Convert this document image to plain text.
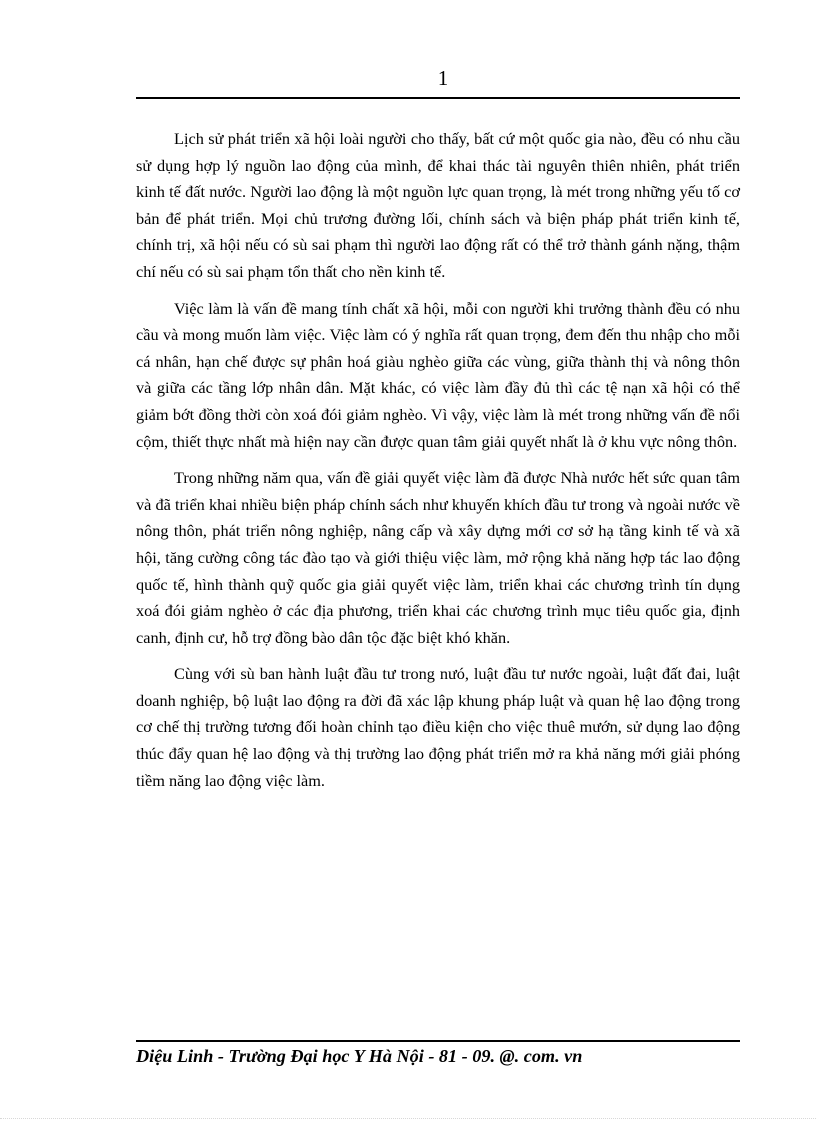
1

Lịch sử phát triển xã hội loài người cho thấy, bất cứ một quốc gia nào, đều có nhu cầu sử dụng hợp lý nguồn lao động của mình, để khai thác tài nguyên thiên nhiên, phát triển kinh tế đất nước. Người lao động là một nguồn lực quan trọng, là mét trong những yếu tố cơ bản để phát triển. Mọi chủ trương đường lối, chính sách và biện pháp phát triển kinh tế, chính trị, xã hội nếu có sù sai phạm thì người lao động rất có thể trở thành gánh nặng, thậm chí nếu có sù sai phạm tổn thất cho nền kinh tế.

Việc làm là vấn đề mang tính chất xã hội, mỗi con người khi trưởng thành đều có nhu cầu và mong muốn làm việc. Việc làm có ý nghĩa rất quan trọng, đem đến thu nhập cho mỗi cá nhân, hạn chế được sự phân hoá giàu nghèo giữa các vùng, giữa thành thị và nông thôn và giữa các tầng lớp nhân dân. Mặt khác, có việc làm đầy đủ thì các tệ nạn xã hội có thể giảm bớt đồng thời còn xoá đói giảm nghèo. Vì vậy, việc làm là mét trong những vấn đề nổi cộm, thiết thực nhất mà hiện nay cần được quan tâm giải quyết nhất là ở khu vực nông thôn.

Trong những năm qua, vấn đề giải quyết việc làm đã được Nhà nước hết sức quan tâm và đã triển khai nhiều biện pháp chính sách như khuyến khích đầu tư trong và ngoài nước về nông thôn, phát triển nông nghiệp, nâng cấp và xây dựng mới cơ sở hạ tầng kinh tế và xã hội, tăng cường công tác đào tạo và giới thiệu việc làm, mở rộng khả năng hợp tác lao động quốc tế, hình thành quỹ quốc gia giải quyết việc làm, triển khai các chương trình tín dụng xoá đói giảm nghèo ở các địa phương, triển khai các chương trình mục tiêu quốc gia, định canh, định cư, hỗ trợ đồng bào dân tộc đặc biệt khó khăn.

Cùng với sù ban hành luật đầu tư trong nưó, luật đầu tư nước ngoài, luật đất đai, luật doanh nghiệp, bộ luật lao động ra đời đã xác lập khung pháp luật và quan hệ lao động trong cơ chế thị trường tương đối hoàn chỉnh tạo điều kiện cho việc thuê mướn, sử dụng lao động thúc đẩy quan hệ lao động và thị trường lao động phát triển mở ra khả năng mới giải phóng tiềm năng lao động việc làm.

Diệu Linh - Trường Đại học Y Hà Nội - 81 - 09. @. com. vn
